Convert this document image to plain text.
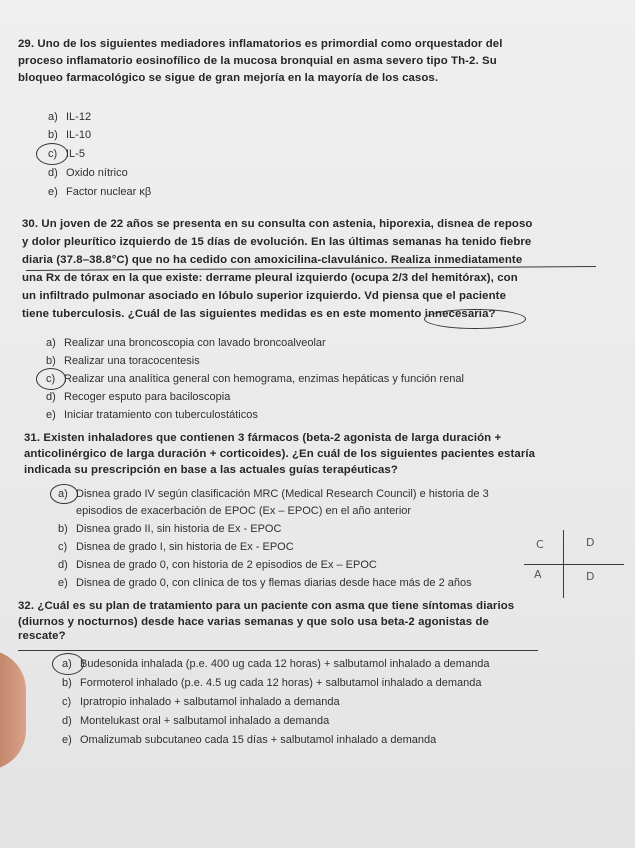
29. Uno de los siguientes mediadores inflamatorios es primordial como orquestador del
proceso inflamatorio eosinofílico de la mucosa bronquial en asma severo tipo Th-2. Su
bloqueo farmacológico se sigue de gran mejoría en la mayoría de los casos.
a) IL-12
b) IL-10
c) IL-5
d) Oxido nítrico
e) Factor nuclear κβ
30. Un joven de 22 años se presenta en su consulta con astenia, hiporexia, disnea de reposo
y dolor pleurítico izquierdo de 15 días de evolución. En las últimas semanas ha tenido fiebre
diaria (37.8–38.8°C) que no ha cedido con amoxicilina-clavulánico. Realiza inmediatamente
una Rx de tórax en la que existe: derrame pleural izquierdo (ocupa 2/3 del hemitórax), con
un infiltrado pulmonar asociado en lóbulo superior izquierdo. Vd piensa que el paciente
tiene tuberculosis. ¿Cuál de las siguientes medidas es en este momento innecesaria?
a) Realizar una broncoscopia con lavado broncoalveolar
b) Realizar una toracocentesis
c) Realizar una analítica general con hemograma, enzimas hepáticas y función renal
d) Recoger esputo para baciloscopia
e) Iniciar tratamiento con tuberculostáticos
31. Existen inhaladores que contienen 3 fármacos (beta-2 agonista de larga duración +
anticolinérgico de larga duración + corticoides). ¿En cuál de los siguientes pacientes estaría
indicada su prescripción en base a las actuales guías terapéuticas?
a) Disnea grado IV según clasificación MRC (Medical Research Council) e historia de 3
episodios de exacerbación de EPOC (Ex – EPOC) en el año anterior
b) Disnea grado II, sin historia de Ex - EPOC
c) Disnea de grado I, sin historia de Ex - EPOC
d) Disnea de grado 0, con historia de 2 episodios de Ex – EPOC
e) Disnea de grado 0, con clínica de tos y flemas diarias desde hace más de 2 años
C	D
A	D
32. ¿Cuál es su plan de tratamiento para un paciente con asma que tiene síntomas diarios
(diurnos y nocturnos) desde hace varias semanas y que solo usa beta-2 agonistas de
rescate?
a) Budesonida inhalada (p.e. 400 ug cada 12 horas) + salbutamol inhalado a demanda
b) Formoterol inhalado (p.e. 4.5 ug cada 12 horas) + salbutamol inhalado a demanda
c) Ipratropio inhalado + salbutamol inhalado a demanda
d) Montelukast oral + salbutamol inhalado a demanda
e) Omalizumab subcutaneo cada 15 días + salbutamol inhalado a demanda
